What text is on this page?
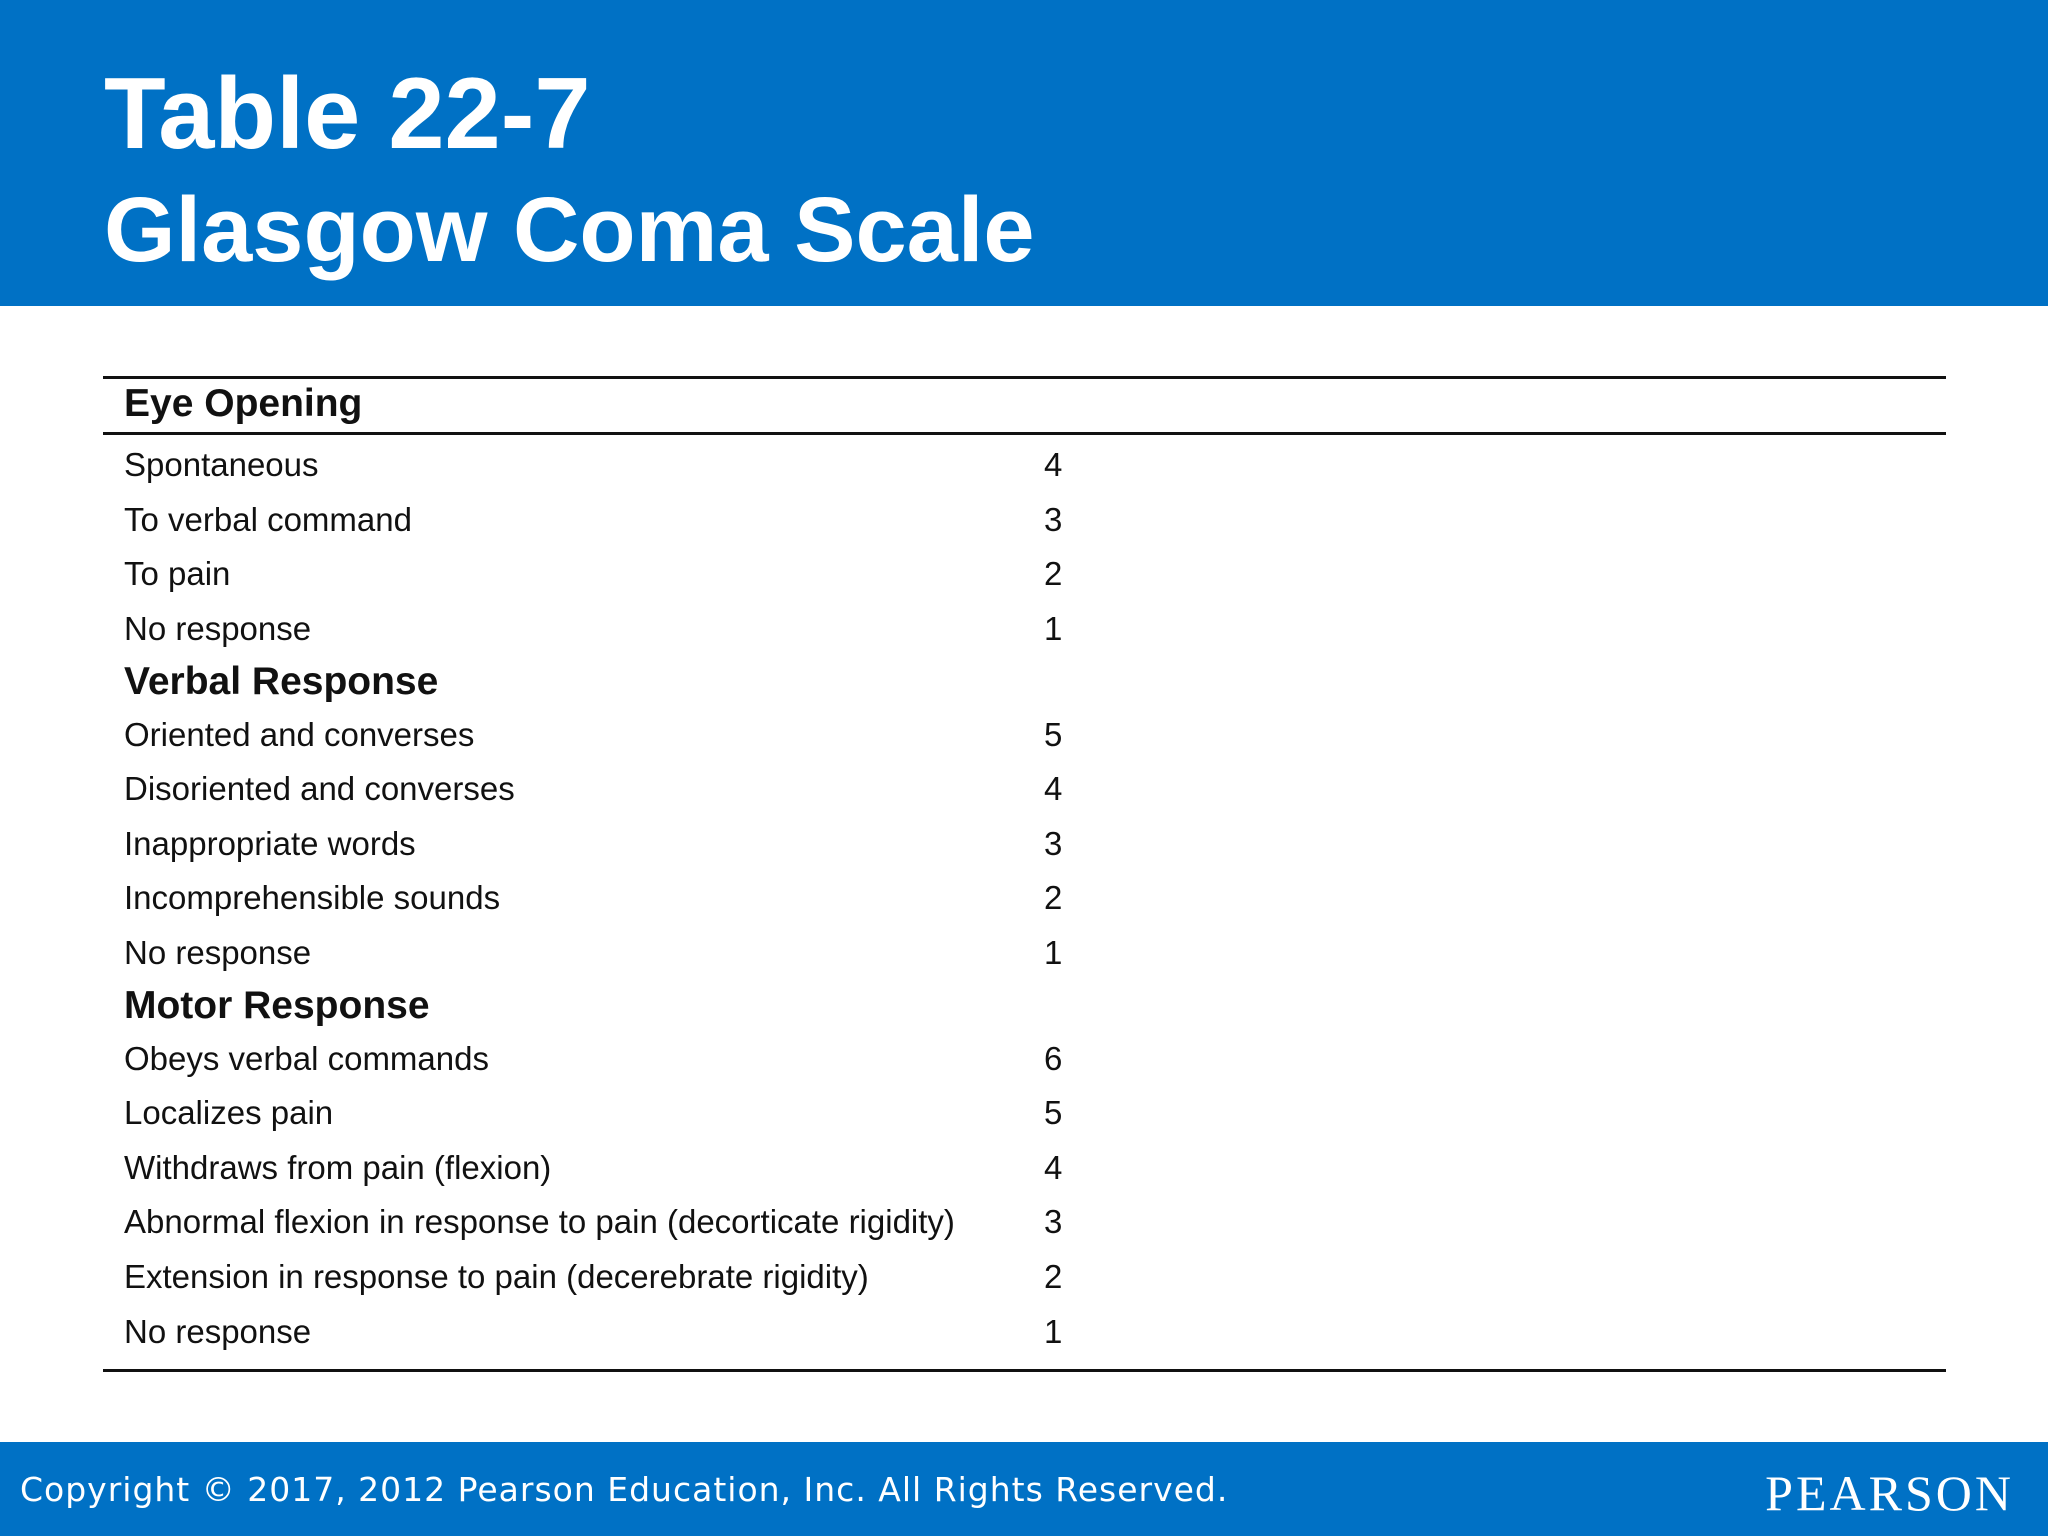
Table 22-7
Glasgow Coma Scale
Eye Opening
Spontaneous	4
To verbal command	3
To pain	2
No response	1
Verbal Response
Oriented and converses	5
Disoriented and converses	4
Inappropriate words	3
Incomprehensible sounds	2
No response	1
Motor Response
Obeys verbal commands	6
Localizes pain	5
Withdraws from pain (flexion)	4
Abnormal flexion in response to pain (decorticate rigidity)	3
Extension in response to pain (decerebrate rigidity)	2
No response	1
Copyright © 2017, 2012 Pearson Education, Inc. All Rights Reserved.	PEARSON
